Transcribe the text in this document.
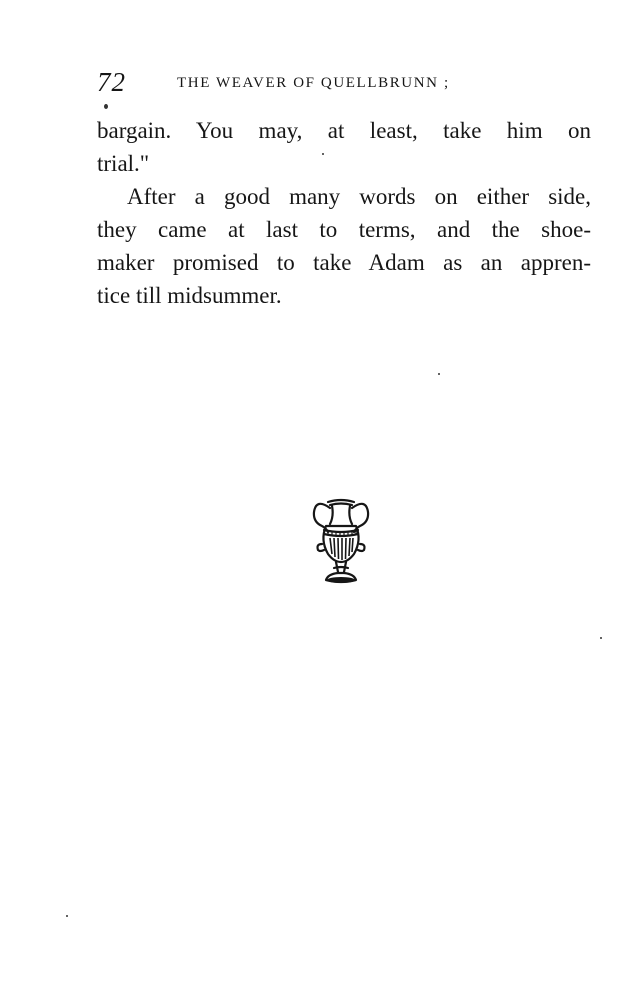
72	THE WEAVER OF QUELLBRUNN ;
bargain. You may, at least, take him on
trial."
After a good many words on either side,
they came at last to terms, and the shoe-
maker promised to take Adam as an appren-
tice till midsummer.
